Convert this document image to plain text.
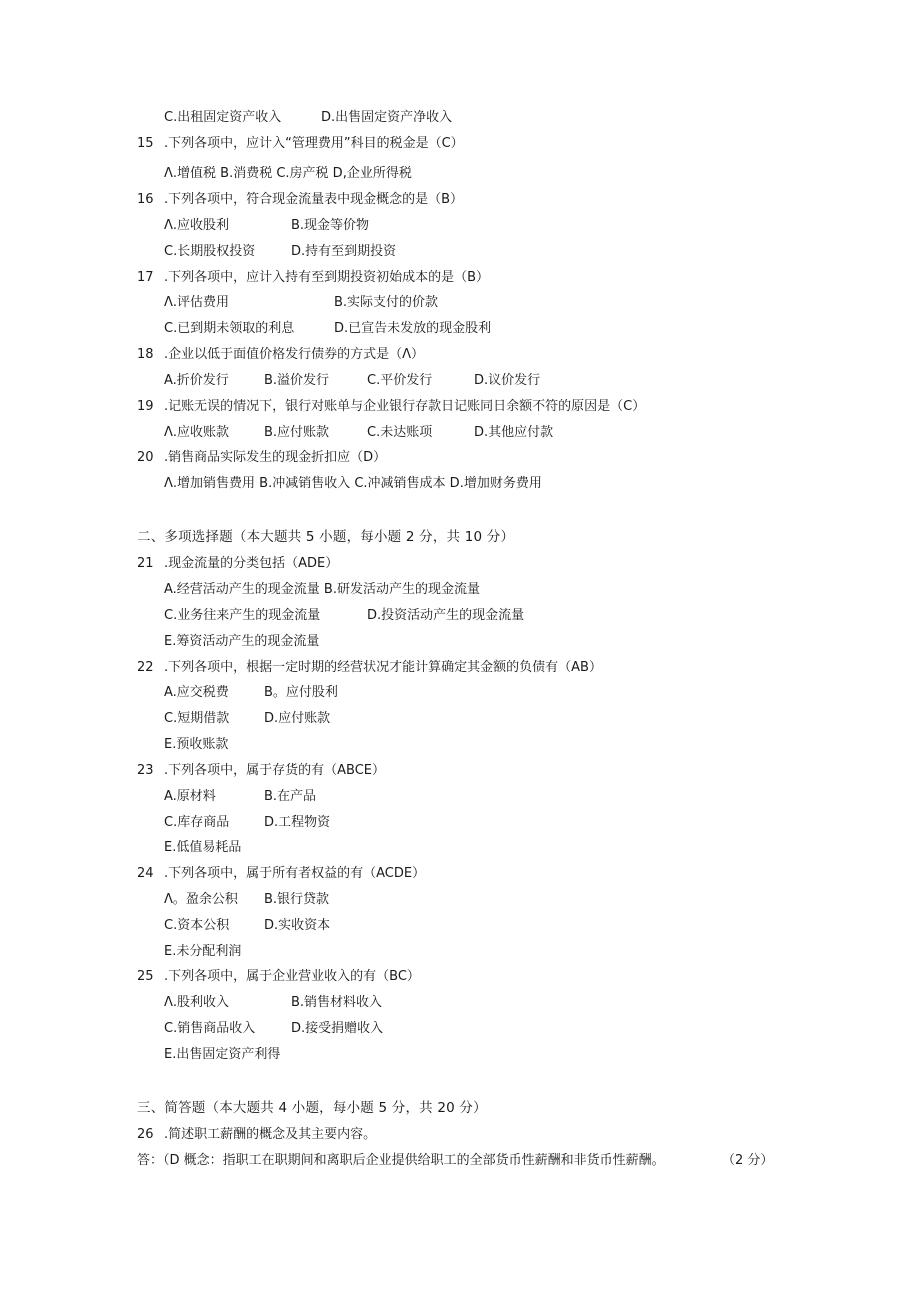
C.出租固定资产收入	D.出售固定资产净收入
15 .下列各项中，应计入“管理费用”科目的税金是（C）
Λ.增值税 B.消费税 C.房产税 D,企业所得税
16 .下列各项中，符合现金流量表中现金概念的是（B）
Λ.应收股利	B.现金等价物
C.长期股权投资	D.持有至到期投资
17 .下列各项中，应计入持有至到期投资初始成本的是（B）
Λ.评估费用	B.实际支付的价款
C.已到期未领取的利息	D.已宣告未发放的现金股利
18 .企业以低于面值价格发行债券的方式是（Λ）
A.折价发行	B.溢价发行	C.平价发行	D.议价发行
19 .记账无误的情况下，银行对账单与企业银行存款日记账同日余额不符的原因是（C）
Λ.应收账款	B.应付账款	C.未达账项	D.其他应付款
20 .销售商品实际发生的现金折扣应（D）
Λ.增加销售费用 B.冲减销售收入 C.冲减销售成本 D.增加财务费用
二、多项选择题（本大题共 5 小题，每小题 2 分，共 10 分）
21 .现金流量的分类包括（ADE）
A.经营活动产生的现金流量 B.研发活动产生的现金流量
C.业务往来产生的现金流量	D.投资活动产生的现金流量
E.筹资活动产生的现金流量
22 .下列各项中，根据一定时期的经营状况才能计算确定其金额的负债有（AB）
A.应交税费	B。应付股利
C.短期借款	D.应付账款
E.预收账款
23 .下列各项中，属于存货的有（ABCE）
A.原材料	B.在产品
C.库存商品	D.工程物资
E.低值易耗品
24 .下列各项中，属于所有者权益的有（ACDE）
Λ。盈余公积 B.银行贷款
C.资本公积	D.实收资本
E.未分配利润
25 .下列各项中，属于企业营业收入的有（BC）
Λ.股利收入	B.销售材料收入
C.销售商品收入	D.接受捐赠收入
E.出售固定资产利得
三、简答题（本大题共 4 小题，每小题 5 分，共 20 分）
26 .简述职工薪酬的概念及其主要内容。
答：（D 概念：指职工在职期间和离职后企业提供给职工的全部货币性薪酬和非货币性薪酬。	（2 分）
